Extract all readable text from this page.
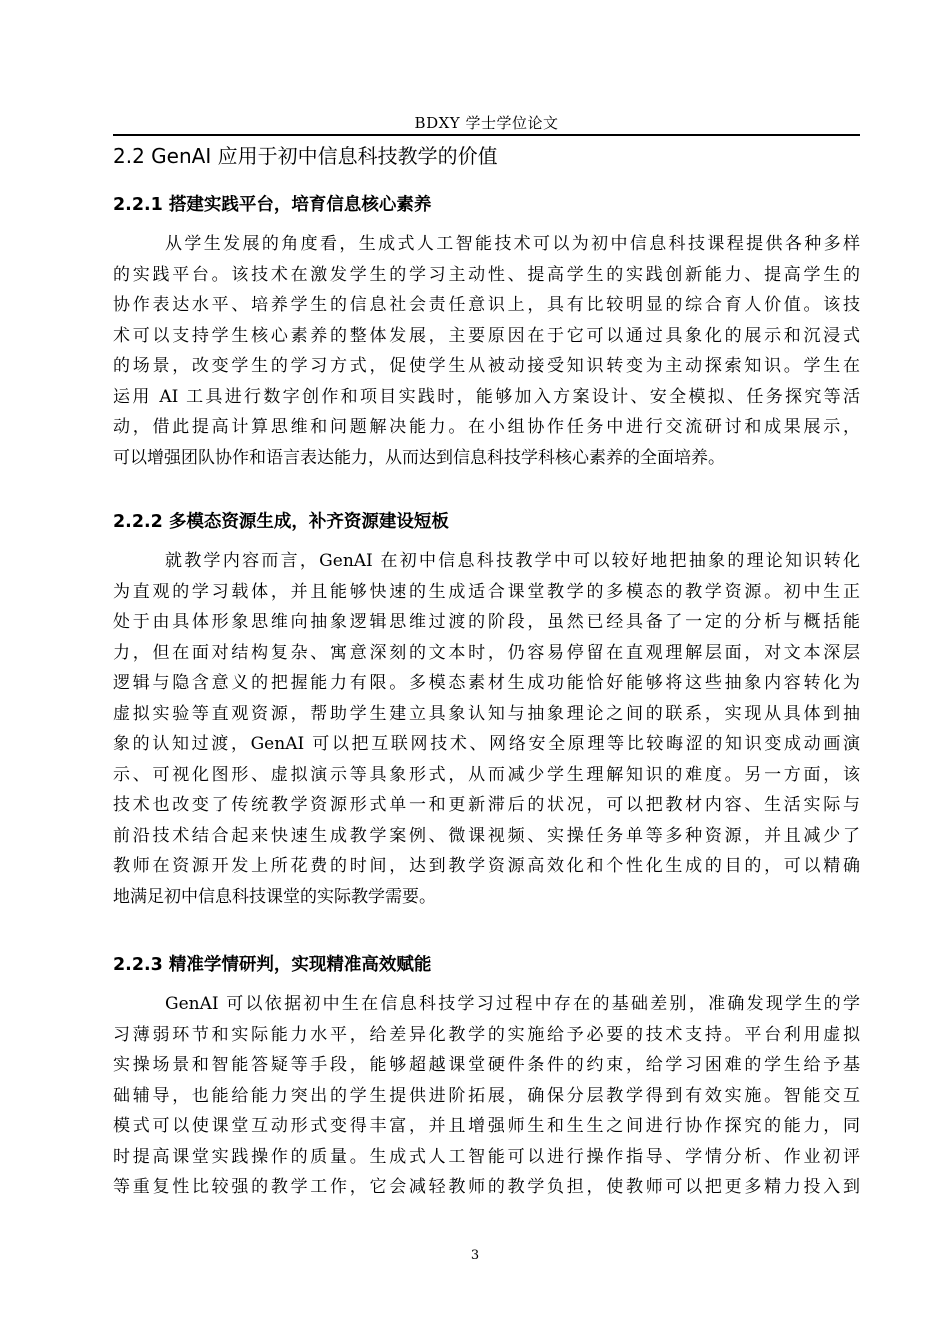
BDXY 学士学位论文
2.2 GenAI 应用于初中信息科技教学的价值
2.2.1 搭建实践平台，培育信息核心素养
从学生发展的角度看，生成式人工智能技术可以为初中信息科技课程提供各种多样
的实践平台。该技术在激发学生的学习主动性、提高学生的实践创新能力、提高学生的
协作表达水平、培养学生的信息社会责任意识上，具有比较明显的综合育人价值。该技
术可以支持学生核心素养的整体发展，主要原因在于它可以通过具象化的展示和沉浸式
的场景，改变学生的学习方式，促使学生从被动接受知识转变为主动探索知识。学生在
运用 AI 工具进行数字创作和项目实践时，能够加入方案设计、安全模拟、任务探究等活
动，借此提高计算思维和问题解决能力。在小组协作任务中进行交流研讨和成果展示，
可以增强团队协作和语言表达能力，从而达到信息科技学科核心素养的全面培养。
2.2.2 多模态资源生成，补齐资源建设短板
就教学内容而言，GenAI 在初中信息科技教学中可以较好地把抽象的理论知识转化
为直观的学习载体，并且能够快速的生成适合课堂教学的多模态的教学资源。初中生正
处于由具体形象思维向抽象逻辑思维过渡的阶段，虽然已经具备了一定的分析与概括能
力，但在面对结构复杂、寓意深刻的文本时，仍容易停留在直观理解层面，对文本深层
逻辑与隐含意义的把握能力有限。多模态素材生成功能恰好能够将这些抽象内容转化为
虚拟实验等直观资源，帮助学生建立具象认知与抽象理论之间的联系，实现从具体到抽
象的认知过渡，GenAI 可以把互联网技术、网络安全原理等比较晦涩的知识变成动画演
示、可视化图形、虚拟演示等具象形式，从而减少学生理解知识的难度。另一方面，该
技术也改变了传统教学资源形式单一和更新滞后的状况，可以把教材内容、生活实际与
前沿技术结合起来快速生成教学案例、微课视频、实操任务单等多种资源，并且减少了
教师在资源开发上所花费的时间，达到教学资源高效化和个性化生成的目的，可以精确
地满足初中信息科技课堂的实际教学需要。
2.2.3 精准学情研判，实现精准高效赋能
GenAI 可以依据初中生在信息科技学习过程中存在的基础差别，准确发现学生的学
习薄弱环节和实际能力水平，给差异化教学的实施给予必要的技术支持。平台利用虚拟
实操场景和智能答疑等手段，能够超越课堂硬件条件的约束，给学习困难的学生给予基
础辅导，也能给能力突出的学生提供进阶拓展，确保分层教学得到有效实施。智能交互
模式可以使课堂互动形式变得丰富，并且增强师生和生生之间进行协作探究的能力，同
时提高课堂实践操作的质量。生成式人工智能可以进行操作指导、学情分析、作业初评
等重复性比较强的教学工作，它会减轻教师的教学负担，使教师可以把更多精力投入到
3
